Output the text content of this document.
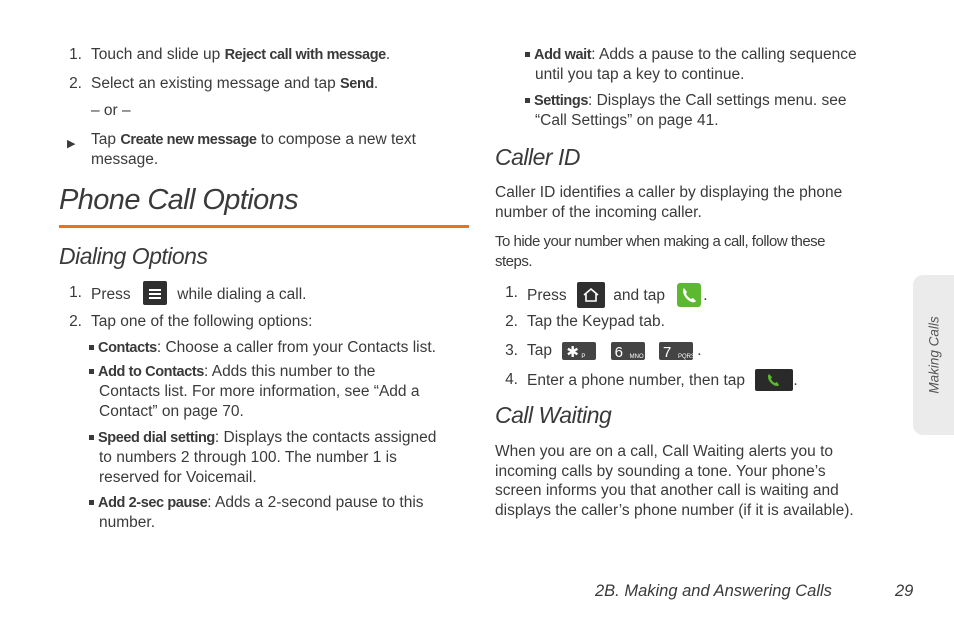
1. Touch and slide up Reject call with message.
2. Select an existing message and tap Send.
– or –
▶ Tap Create new message to compose a new text
message.
Phone Call Options
Dialing Options
1. Press	while dialing a call.
2. Tap one of the following options:
Contacts: Choose a caller from your Contacts list.
Add to Contacts: Adds this number to the
Contacts list. For more information, see “Add a
Contact” on page 70.
Speed dial setting: Displays the contacts assigned
to numbers 2 through 100. The number 1 is
reserved for Voicemail.
Add 2-sec pause: Adds a 2-second pause to this
number.
Add wait: Adds a pause to the calling sequence
until you tap a key to continue.
Settings: Displays the Call settings menu. see
“Call Settings” on page 41.
Caller ID
Caller ID identifies a caller by displaying the phone
number of the incoming caller.
To hide your number when making a call, follow these
steps.
1. Press	and tap .
2. Tap the Keypad tab.
3. Tap ✱ P
6 MNO
7 PQRS .
4. Enter a phone number, then tap	.
Call Waiting
When you are on a call, Call Waiting alerts you to
incoming calls by sounding a tone. Your phone’s
screen informs you that another call is waiting and
displays the caller’s phone number (if it is available).
Making Calls
2B. Making and Answering Calls	29
